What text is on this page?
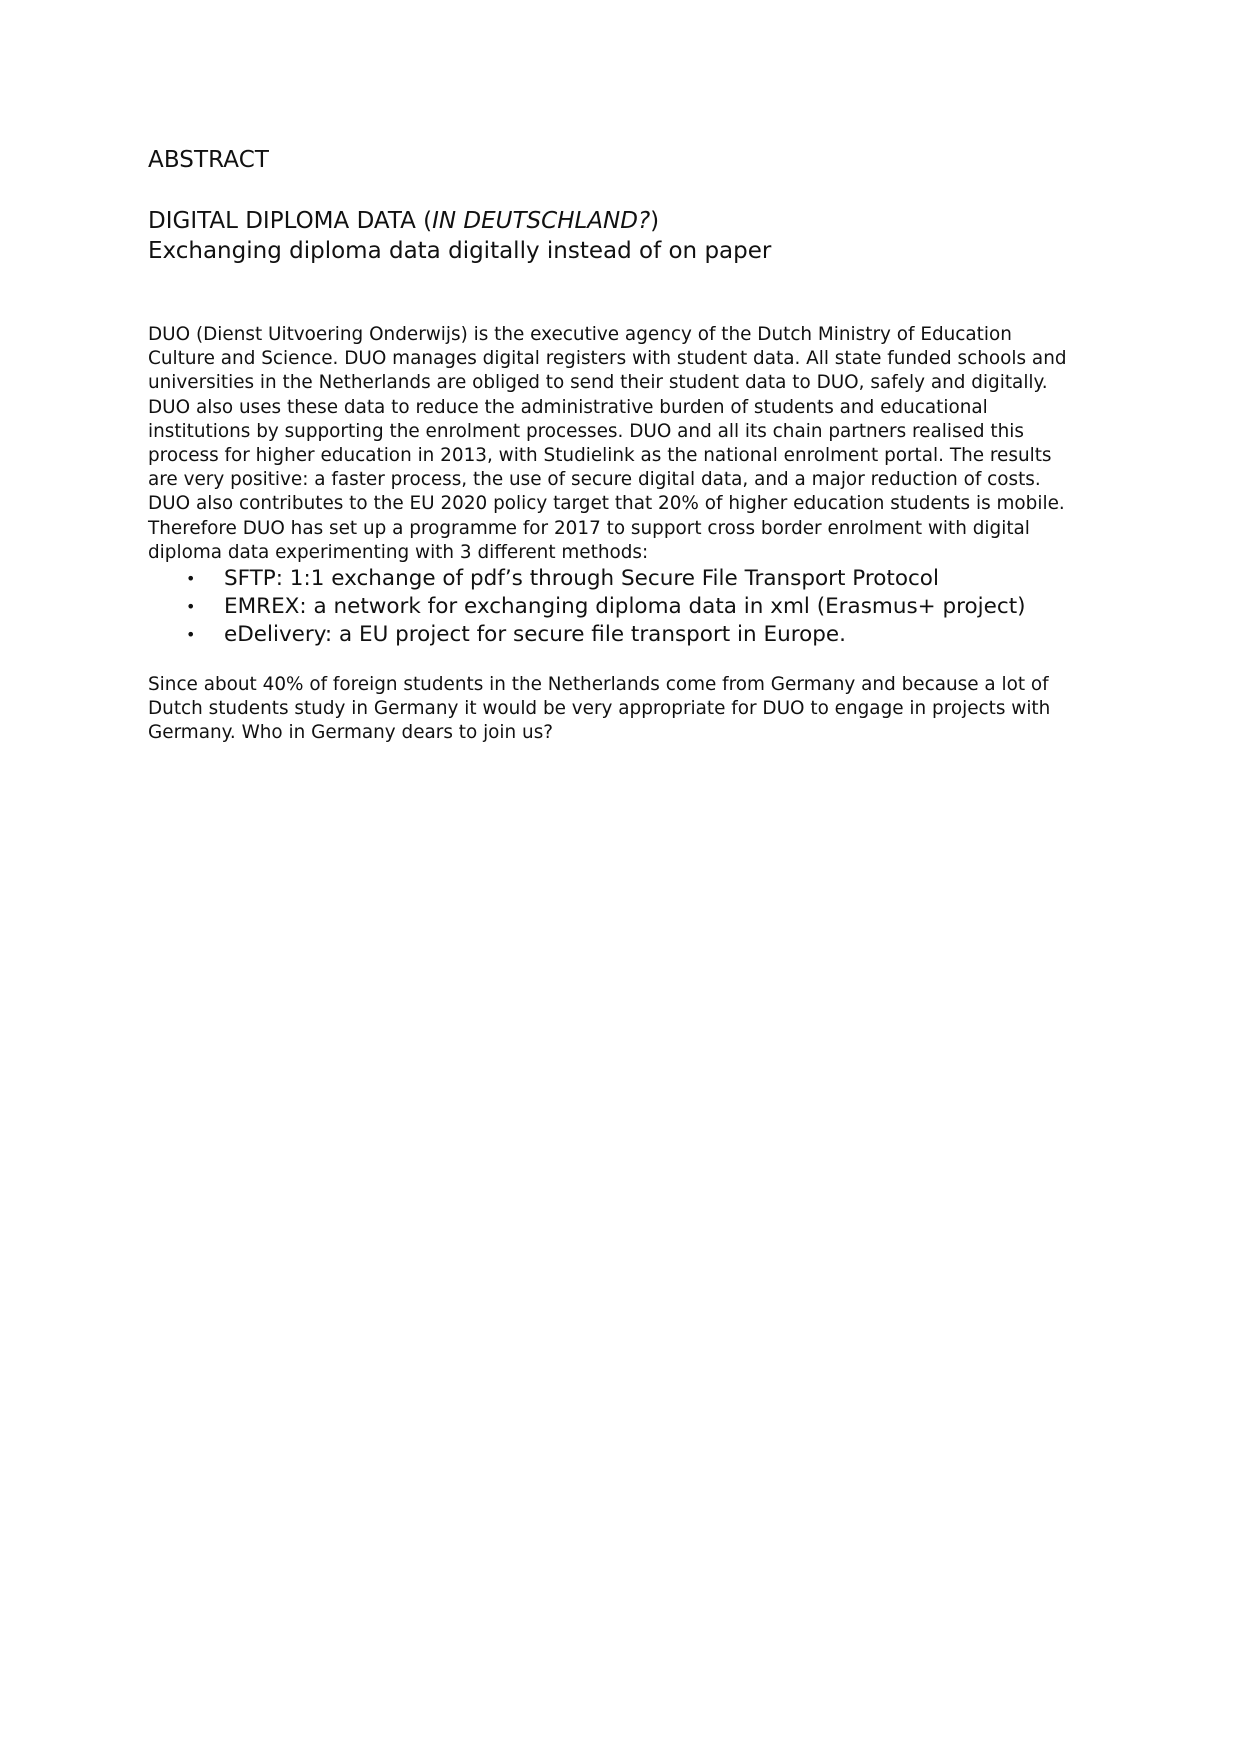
ABSTRACT
DIGITAL DIPLOMA DATA (IN DEUTSCHLAND?)
Exchanging diploma data digitally instead of on paper

DUO (Dienst Uitvoering Onderwijs) is the executive agency of the Dutch Ministry of Education

Culture and Science. DUO manages digital registers with student data. All state funded schools and

universities in the Netherlands are obliged to send their student data to DUO, safely and digitally.

DUO also uses these data to reduce the administrative burden of students and educational

institutions by supporting the enrolment processes. DUO and all its chain partners realised this

process for higher education in 2013, with Studielink as the national enrolment portal. The results

are very positive: a faster process, the use of secure digital data, and a major reduction of costs.

DUO also contributes to the EU 2020 policy target that 20% of higher education students is mobile.

Therefore DUO has set up a programme for 2017 to support cross border enrolment with digital

diploma data experimenting with 3 different methods:

• SFTP: 1:1 exchange of pdf’s through Secure File Transport Protocol
• EMREX: a network for exchanging diploma data in xml (Erasmus+ project)
• eDelivery: a EU project for secure file transport in Europe.

Since about 40% of foreign students in the Netherlands come from Germany and because a lot of

Dutch students study in Germany it would be very appropriate for DUO to engage in projects with

Germany. Who in Germany dears to join us?
